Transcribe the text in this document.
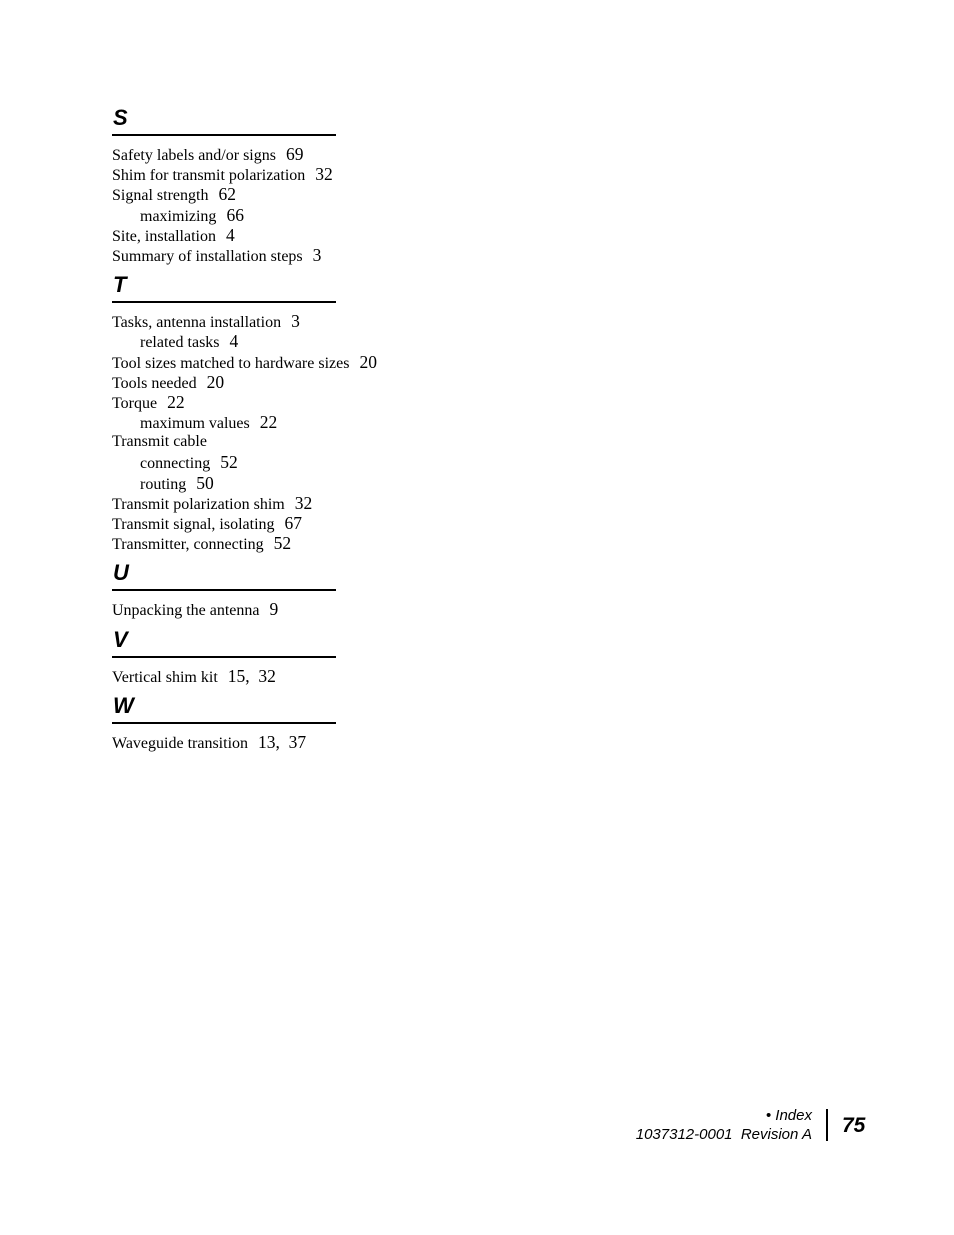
S
Safety labels and/or signs 69
Shim for transmit polarization 32
Signal strength 62
maximizing 66
Site, installation 4
Summary of installation steps 3
T
Tasks, antenna installation 3
related tasks 4
Tool sizes matched to hardware sizes 20
Tools needed 20
Torque 22
maximum values 22
Transmit cable
connecting 52
routing 50
Transmit polarization shim 32
Transmit signal, isolating 67
Transmitter, connecting 52
U
Unpacking the antenna 9
V
Vertical shim kit 15,  32
W
Waveguide transition 13,  37
• Index
1037312-0001  Revision A 75
